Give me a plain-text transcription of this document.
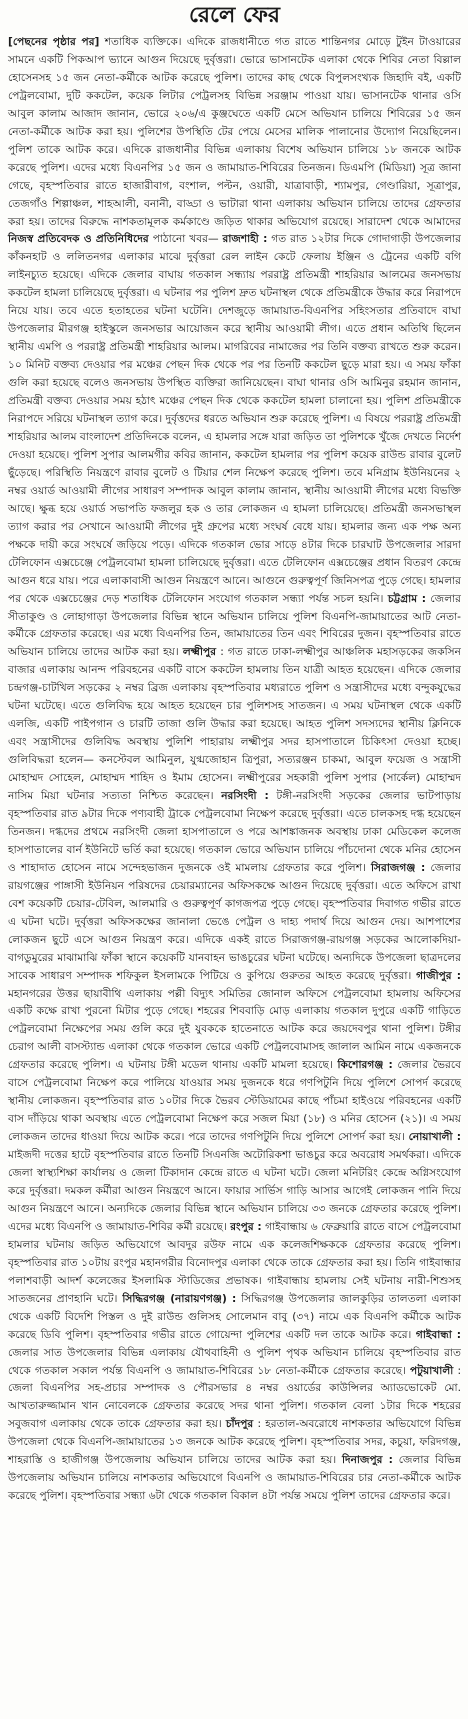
রেলে ফের

[পেছনের পৃষ্ঠার পর] শতাধিক ব্যক্তিকে। এদিকে রাজধানীতে গত রাতে শান্তিনগর মোড়ে টুইন টাওয়ারের সামনে একটি পিকআপ ভ্যানে আগুন দিয়েছে দুর্বৃত্তরা। ভোরে ভাসানটেক এলাকা থেকে শিবির নেতা বিল্লাল হোসেনসহ ১৫ জন নেতা-কর্মীকে আটক করেছে পুলিশ। তাদের কাছ থেকে বিপুলসংখ্যক জিহাদি বই, একটি পেট্রলবোমা, দুটি ককটেল, কয়েক লিটার পেট্রলসহ বিভিন্ন সরঞ্জাম পাওয়া যায়। ভাসানটেক থানার ওসি আবুল কালাম আজাদ জানান, ভোরে ২০৬/এ কুঞ্জঘেতে একটি মেসে অভিযান চালিয়ে শিবিরের ১৫ জন নেতা-কর্মীকে আটক করা হয়। পুলিশের উপস্থিতি টের পেয়ে মেসের মালিক পালানোর উদ্যোগ নিয়েছিলেন। পুলিশ তাকে আটক করে। এদিকে রাজধানীর বিভিন্ন এলাকায় বিশেষ অভিযান চালিয়ে ১৮ জনকে আটক করেছে পুলিশ। এদের মধ্যে বিএনপির ১৫ জন ও জামায়াত-শিবিরের তিনজন। ডিএমপি (মিডিয়া) সূত্র জানা গেছে, বৃহস্পতিবার রাতে হাজারীবাগ, বংশাল, পল্টন, ওয়ারী, যাত্রাবাড়ী, শ্যামপুর, গেণ্ডারিয়া, সূত্রাপুর, তেজগাঁও শিল্পাঞ্চল, শাহআলী, বনানী, বাড্ডা ও ভাটারা থানা এলাকায় অভিযান চালিয়ে তাদের গ্রেফতার করা হয়। তাদের বিরুদ্ধে নাশকতামূলক কর্মকাণ্ডে জড়িত থাকার অভিযোগ রয়েছে। সারাদেশ থেকে আমাদের নিজস্ব প্রতিবেদক ও প্রতিনিধিদের পাঠানো খবর— রাজশাহী : গত রাত ১২টার দিকে গোদাগাড়ী উপজেলার কাঁকনহাট ও ললিতনগর এলাকার মাঝে দুর্বৃত্তরা রেল লাইন কেটে ফেলায় ইঞ্জিন ও ট্রেনের একটি বগি লাইনচ্যুত হয়েছে। এদিকে জেলার বাঘায় গতকাল সন্ধ্যায় পররাষ্ট্র প্রতিমন্ত্রী শাহরিয়ার আলমের জনসভায় ককটেল হামলা চালিয়েছে দুর্বৃত্তরা। এ ঘটনার পর পুলিশ দ্রুত ঘটনাস্থল থেকে প্রতিমন্ত্রীকে উদ্ধার করে নিরাপদে নিয়ে যায়। তবে এতে হতাহতের ঘটনা ঘটেনি। দেশজুড়ে জামায়াত-বিএনপির সহিংসতার প্রতিবাদে বাঘা উপজেলার মীরগঞ্জ হাইস্কুলে জনসভার আয়োজন করে স্থানীয় আওয়ামী লীগ। এতে প্রধান অতিথি ছিলেন স্থানীয় এমপি ও পররাষ্ট্র প্রতিমন্ত্রী শাহরিয়ার আলম। মাগরিবের নামাজের পর তিনি বক্তব্য রাখতে শুরু করেন। ১০ মিনিট বক্তব্য দেওয়ার পর মঞ্চের পেছন দিক থেকে পর পর তিনটি ককটেল ছুড়ে মারা হয়। এ সময় ফাঁকা গুলি করা হয়েছে বলেও জনসভায় উপস্থিত ব্যক্তিরা জানিয়েছেন। বাঘা থানার ওসি আমিনুর রহমান জানান, প্রতিমন্ত্রী বক্তব্য দেওয়ার সময় হঠাৎ মঞ্চের পেছন দিক থেকে ককটেল হামলা চালানো হয়। পুলিশ প্রতিমন্ত্রীকে নিরাপদে সরিয়ে ঘটনাস্থল ত্যাগ করে। দুর্বৃত্তদের ধরতে অভিযান শুরু করেছে পুলিশ। এ বিষয়ে পররাষ্ট্র প্রতিমন্ত্রী শাহরিয়ার আলম বাংলাদেশ প্রতিদিনকে বলেন, এ হামলার সঙ্গে যারা জড়িত তা পুলিশকে খুঁজে দেখতে নির্দেশ দেওয়া হয়েছে। পুলিশ সুপার আলমগীর কবির জানান, ককটেল হামলার পর পুলিশ কয়েক রাউন্ড রাবার বুলেট ছুঁড়েছে। পরিস্থিতি নিয়ন্ত্রণে রাবার বুলেট ও টিয়ার শেল নিক্ষেপ করেছে পুলিশ। তবে মনিগ্রাম ইউনিয়নের ২ নম্বর ওয়ার্ড আওয়ামী লীগের সাধারণ সম্পাদক আবুল কালাম জানান, স্থানীয় আওয়ামী লীগের মধ্যে বিভক্তি আছে। ক্ষুব্ধ হয়ে ওয়ার্ড সভাপতি ফজলুর হক ও তার লোকজন এ হামলা চালিয়েছে। প্রতিমন্ত্রী জনসভাস্থল ত্যাগ করার পর সেখানে আওয়ামী লীগের দুই গ্রুপের মধ্যে সংঘর্ষ বেধে যায়। হামলার জন্য এক পক্ষ অন্য পক্ষকে দায়ী করে সংঘর্ষে জড়িয়ে পড়ে। এদিকে গতকাল ভোর সাড়ে ৪টার দিকে চারঘাট উপজেলার সারদা টেলিফোন এক্সচেঞ্জে পেট্রলবোমা হামলা চালিয়েছে দুর্বৃত্তরা। এতে টেলিফোন এক্সচেঞ্জের প্রধান বিতরণ কেন্দ্রে আগুন ধরে যায়। পরে এলাকাবাসী আগুন নিয়ন্ত্রণে আনে। আগুনে গুরুত্বপূর্ণ জিনিসপত্র পুড়ে গেছে। হামলার পর থেকে এক্সচেঞ্জের দেড় শতাধিক টেলিফোন সংযোগ গতকাল সন্ধ্যা পর্যন্ত সচল হয়নি। চট্টগ্রাম : জেলার সীতাকুণ্ড ও লোহাগাড়া উপজেলার বিভিন্ন স্থানে অভিযান চালিয়ে পুলিশ বিএনপি-জামায়াতের আট নেতা-কর্মীকে গ্রেফতার করেছে। এর মধ্যে বিএনপির তিন, জামায়াতের তিন এবং শিবিরের দুজন। বৃহস্পতিবার রাতে অভিযান চালিয়ে তাদের আটক করা হয়। লক্ষ্মীপুর : গত রাতে ঢাকা-লক্ষ্মীপুর আঞ্চলিক মহাসড়কের জকসিন বাজার এলাকায় আনন্দ পরিবহনের একটি বাসে ককটেল হামলায় তিন যাত্রী আহত হয়েছেন। এদিকে জেলার চন্দ্রগঞ্জ-চাটখিল সড়কের ২ নম্বর ব্রিজ এলাকায় বৃহস্পতিবার মধ্যরাতে পুলিশ ও সন্ত্রাসীদের মধ্যে বন্দুকযুদ্ধের ঘটনা ঘটেছে। এতে গুলিবিদ্ধ হয়ে আহত হয়েছেন চার পুলিশসহ সাতজন। এ সময় ঘটনাস্থল থেকে একটি এলজি, একটি পাইপগান ও চারটি তাজা গুলি উদ্ধার করা হয়েছে। আহত পুলিশ সদস্যদের স্থানীয় ক্লিনিকে এবং সন্ত্রাসীদের গুলিবিদ্ধ অবস্থায় পুলিশি পাহারায় লক্ষ্মীপুর সদর হাসপাতালে চিকিৎসা দেওয়া হচ্ছে। গুলিবিদ্ধরা হলেন— কনস্টেবল আমিনুল, যুগ্মজোহান ত্রিপুরা, সত্যরঞ্জন চাকমা, আবুল ফয়েজ ও সন্ত্রাসী মোহাম্মদ সোহেল, মোহাম্মদ শাহিদ ও ইমাম হোসেন। লক্ষ্মীপুরের সহকারী পুলিশ সুপার (সার্কেল) মোহাম্মদ নাসিম মিয়া ঘটনার সত্যতা নিশ্চিত করেছেন। নরসিংদী : টঙ্গী-নরসিংদী সড়কের জেলার ভাটপাড়ায় বৃহস্পতিবার রাত ৯টার দিকে পণ্যবাহী ট্রাকে পেট্রলবোমা নিক্ষেপ করেছে দুর্বৃত্তরা। এতে চালকসহ দগ্ধ হয়েছেন তিনজন। দগ্ধদের প্রথমে নরসিংদী জেলা হাসপাতালে ও পরে আশঙ্কাজনক অবস্থায় ঢাকা মেডিকেল কলেজ হাসপাতালের বার্ন ইউনিটে ভর্তি করা হয়েছে। গতকাল ভোরে অভিযান চালিয়ে পাঁচদোনা থেকে মনির হোসেন ও শাহাদাত হোসেন নামে সন্দেহভাজন দুজনকে ওই মামলায় গ্রেফতার করে পুলিশ। সিরাজগঞ্জ : জেলার রায়গঞ্জের পাঙ্গাসী ইউনিয়ন পরিষদের চেয়ারম্যানের অফিসকক্ষে আগুন দিয়েছে দুর্বৃত্তরা। এতে অফিসে রাখা বেশ কয়েকটি চেয়ার-টেবিল, আলমারি ও গুরুত্বপূর্ণ কাগজপত্র পুড়ে গেছে। বৃহস্পতিবার দিবাগত গভীর রাতে এ ঘটনা ঘটে। দুর্বৃত্তরা অফিসকক্ষের জানালা ভেঙে পেট্রল ও দাহ্য পদার্থ দিয়ে আগুন দেয়। আশপাশের লোকজন ছুটে এসে আগুন নিয়ন্ত্রণ করে। এদিকে একই রাতে সিরাজগঞ্জ-রায়গঞ্জ সড়কের আলোকদিয়া-বাগডুমুরের মাঝামাঝি ফাঁকা স্থানে কয়েকটি যানবাহন ভাঙচুরের ঘটনা ঘটেছে। অন্যদিকে উপজেলা ছাত্রদলের সাবেক সাধারণ সম্পাদক শফিকুল ইসলামকে পিটিয়ে ও কুপিয়ে গুরুতর আহত করেছে দুর্বৃত্তরা। গাজীপুর : মহানগরের উত্তর ছায়াবীথি এলাকায় পল্লী বিদ্যুৎ সমিতির জোনাল অফিসে পেট্রলবোমা হামলায় অফিসের একটি কক্ষে রাখা পুরনো মিটার পুড়ে গেছে। শহরের শিববাড়ি মোড় এলাকায় গতকাল দুপুরে একটি গাড়িতে পেট্রলবোমা নিক্ষেপের সময় গুলি করে দুই যুবককে হাতেনাতে আটক করে জয়দেবপুর থানা পুলিশ। টঙ্গীর চেরাগ আলী বাসস্ট্যান্ড এলাকা থেকে গতকাল ভোরে একটি পেট্রলবোমাসহ জালাল আমিন নামে একজনকে গ্রেফতার করেছে পুলিশ। এ ঘটনায় টঙ্গী মডেল থানায় একটি মামলা হয়েছে। কিশোরগঞ্জ : জেলার ভৈরবে বাসে পেট্রলবোমা নিক্ষেপ করে পালিয়ে যাওয়ার সময় দুজনকে ধরে গণপিটুনি দিয়ে পুলিশে সোপর্দ করেছে স্থানীয় লোকজন। বৃহস্পতিবার রাত ১০টার দিকে ভৈরব স্টেডিয়ামের কাছে পাঁচমা হাইওয়ে পরিবহনের একটি বাস দাঁড়িয়ে থাকা অবস্থায় এতে পেট্রলবোমা নিক্ষেপ করে সজল মিয়া (১৮) ও মনির হোসেন (২১)। এ সময় লোকজন তাদের ধাওয়া দিয়ে আটক করে। পরে তাদের গণপিটুনি দিয়ে পুলিশে সোপর্দ করা হয়। নোয়াখালী : মাইজদী দত্তের হাটে বৃহস্পতিবার রাতে তিনটি সিএনজি অটোরিকশা ভাঙচুর করে অবরোধ সমর্থকরা। এদিকে জেলা স্বাস্থ্যশিক্ষা কার্যালয় ও জেলা টিকাদান কেন্দ্রে রাতে এ ঘটনা ঘটে। জেলা মনিটরিং কেন্দ্রে অগ্নিসংযোগ করে দুর্বৃত্তরা। দমকল কর্মীরা আগুন নিয়ন্ত্রণে আনে। ফায়ার সার্ভিস গাড়ি আসার আগেই লোকজন পানি দিয়ে আগুন নিয়ন্ত্রণে আনে। অন্যদিকে জেলার বিভিন্ন স্থানে অভিযান চালিয়ে ৩৩ জনকে গ্রেফতার করেছে পুলিশ। এদের মধ্যে বিএনপি ও জামায়াত-শিবির কর্মী রয়েছে। রংপুর : গাইবান্ধায় ৬ ফেব্রুয়ারি রাতে বাসে পেট্রলবোমা হামলার ঘটনায় জড়িত অভিযোগে আবদুর রউফ নামে এক কলেজশিক্ষককে গ্রেফতার করেছে পুলিশ। বৃহস্পতিবার রাত ১০টায় রংপুর মহানগরীর বিনোদপুর এলাকা থেকে তাকে গ্রেফতার করা হয়। তিনি গাইবান্ধার পলাশবাড়ী আদর্শ কলেজের ইসলামিক স্টাডিজের প্রভাষক। গাইবান্ধায় হামলায় সেই ঘটনায় নারী-শিশুসহ সাতজনের প্রাণহানি ঘটে। সিদ্ধিরগঞ্জ (নারায়ণগঞ্জ) : সিদ্ধিরগঞ্জ উপজেলার জালকুড়ির তালতলা এলাকা থেকে একটি বিদেশি পিস্তল ও দুই রাউন্ড গুলিসহ সোলেমান বাবু (৩৭) নামে এক বিএনপি কর্মীকে আটক করেছে ডিবি পুলিশ। বৃহস্পতিবার গভীর রাতে গোয়েন্দা পুলিশের একটি দল তাকে আটক করে। গাইবান্ধা : জেলার সাত উপজেলার বিভিন্ন এলাকায় যৌথবাহিনী ও পুলিশ পৃথক অভিযান চালিয়ে বৃহস্পতিবার রাত থেকে গতকাল সকাল পর্যন্ত বিএনপি ও জামায়াত-শিবিরের ১৮ নেতা-কর্মীকে গ্রেফতার করেছে। পটুয়াখালী : জেলা বিএনপির সহ-প্রচার সম্পাদক ও পৌরসভার ৪ নম্বর ওয়ার্ডের কাউন্সিলর অ্যাডভোকেট মো. আখতারুজ্জামান খান নোবেলকে গ্রেফতার করেছে সদর থানা পুলিশ। গতকাল বেলা ১টার দিকে শহরের সবুজবাগ এলাকায় থেকে তাকে গ্রেফতার করা হয়। চাঁদপুর : হরতাল-অবরোধে নাশকতার অভিযোগে বিভিন্ন উপজেলা থেকে বিএনপি-জামায়াতের ১৩ জনকে আটক করেছে পুলিশ। বৃহস্পতিবার সদর, কচুয়া, ফরিদগঞ্জ, শাহরাস্তি ও হাজীগঞ্জ উপজেলায় অভিযান চালিয়ে তাদের আটক করা হয়। দিনাজপুর : জেলার বিভিন্ন উপজেলায় অভিযান চালিয়ে নাশকতার অভিযোগে বিএনপি ও জামায়াত-শিবিরের চার নেতা-কর্মীকে আটক করেছে পুলিশ। বৃহস্পতিবার সন্ধ্যা ৬টা থেকে গতকাল বিকাল ৪টা পর্যন্ত সময়ে পুলিশ তাদের গ্রেফতার করে।
